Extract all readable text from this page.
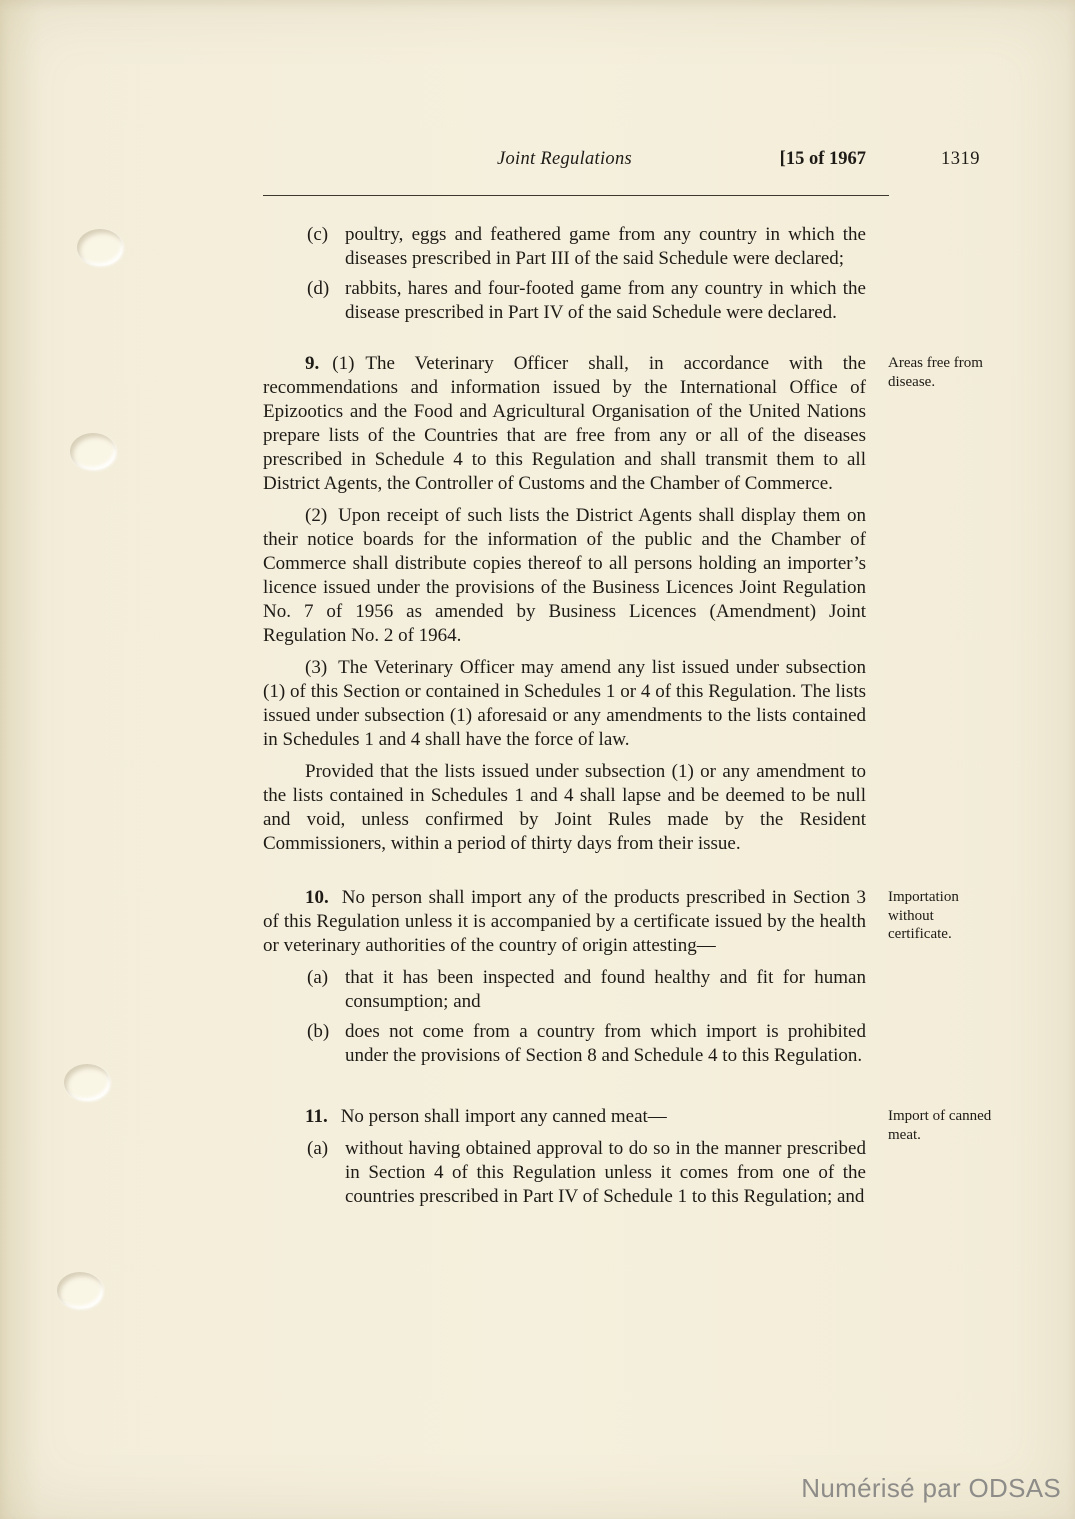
Joint Regulations	[15 of 1967	1319

(c) poultry, eggs and feathered game from any country in which the diseases prescribed in Part III of the said Schedule were declared;

(d) rabbits, hares and four-footed game from any country in which the disease prescribed in Part IV of the said Schedule were declared.

9. (1) The Veterinary Officer shall, in accordance with the recommendations and information issued by the International Office of Epizootics and the Food and Agricultural Organisation of the United Nations prepare lists of the Countries that are free from any or all of the diseases prescribed in Schedule 4 to this Regulation and shall transmit them to all District Agents, the Controller of Customs and the Chamber of Commerce.
Areas free from disease.

(2) Upon receipt of such lists the District Agents shall display them on their notice boards for the information of the public and the Chamber of Commerce shall distribute copies thereof to all persons holding an importer’s licence issued under the provisions of the Business Licences Joint Regulation No. 7 of 1956 as amended by Business Licences (Amendment) Joint Regulation No. 2 of 1964.

(3) The Veterinary Officer may amend any list issued under subsection (1) of this Section or contained in Schedules 1 or 4 of this Regulation. The lists issued under subsection (1) aforesaid or any amendments to the lists contained in Schedules 1 and 4 shall have the force of law.

Provided that the lists issued under subsection (1) or any amendment to the lists contained in Schedules 1 and 4 shall lapse and be deemed to be null and void, unless confirmed by Joint Rules made by the Resident Commissioners, within a period of thirty days from their issue.

10. No person shall import any of the products prescribed in Section 3 of this Regulation unless it is accompanied by a certificate issued by the health or veterinary authorities of the country of origin attesting—
Importation without certificate.

(a) that it has been inspected and found healthy and fit for human consumption; and

(b) does not come from a country from which import is prohibited under the provisions of Section 8 and Schedule 4 to this Regulation.

11. No person shall import any canned meat—	Import of canned meat.

(a) without having obtained approval to do so in the manner prescribed in Section 4 of this Regulation unless it comes from one of the countries prescribed in Part IV of Schedule 1 to this Regulation; and

Numérisé par ODSAS
